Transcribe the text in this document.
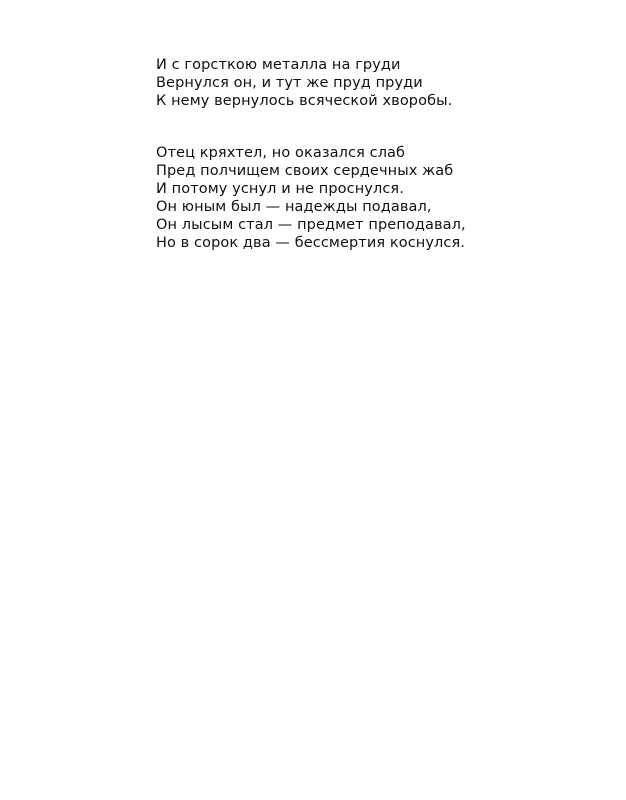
И с горсткою металла на груди
Вернулся он, и тут же пруд пруди
К нему вернулось всяческой хворобы.
Отец кряхтел, но оказался слаб
Пред полчищем своих сердечных жаб
И потому уснул и не проснулся.
Он юным был — надежды подавал,
Он лысым стал — предмет преподавал,
Но в сорок два — бессмертия коснулся.
